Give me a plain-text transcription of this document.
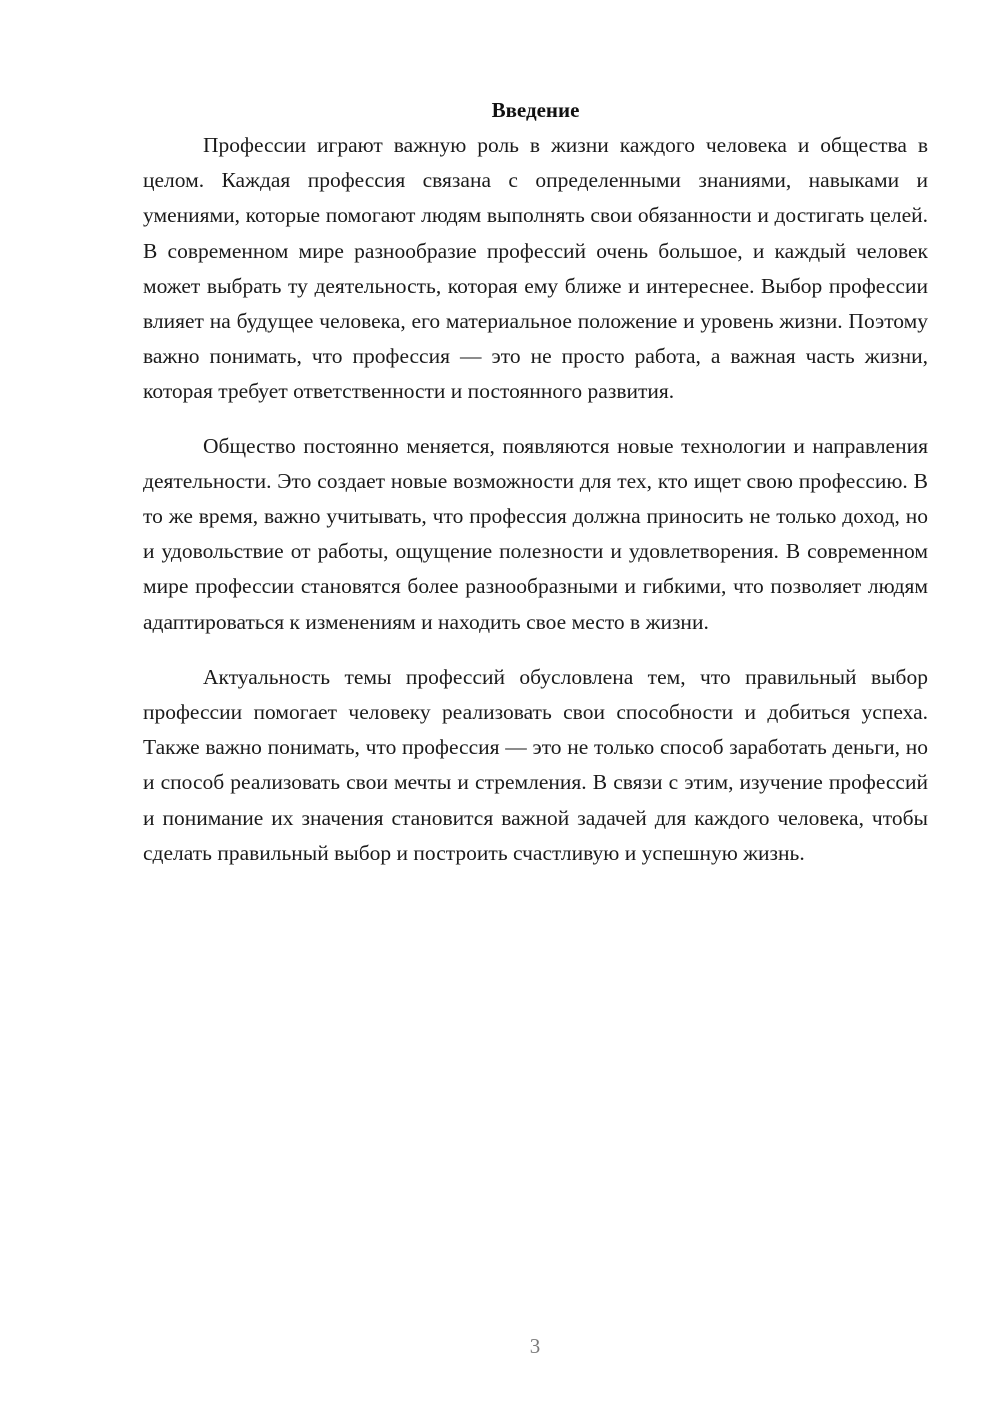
Введение

Профессии играют важную роль в жизни каждого человека и общества в целом. Каждая профессия связана с определенными знаниями, навыками и умениями, которые помогают людям выполнять свои обязанности и достигать целей. В современном мире разнообразие профессий очень большое, и каждый человек может выбрать ту деятельность, которая ему ближе и интереснее. Выбор профессии влияет на будущее человека, его материальное положение и уровень жизни. Поэтому важно понимать, что профессия — это не просто работа, а важная часть жизни, которая требует ответственности и постоянного развития.

Общество постоянно меняется, появляются новые технологии и направления деятельности. Это создает новые возможности для тех, кто ищет свою профессию. В то же время, важно учитывать, что профессия должна приносить не только доход, но и удовольствие от работы, ощущение полезности и удовлетворения. В современном мире профессии становятся более разнообразными и гибкими, что позволяет людям адаптироваться к изменениям и находить свое место в жизни.

Актуальность темы профессий обусловлена тем, что правильный выбор профессии помогает человеку реализовать свои способности и добиться успеха. Также важно понимать, что профессия — это не только способ заработать деньги, но и способ реализовать свои мечты и стремления. В связи с этим, изучение профессий и понимание их значения становится важной задачей для каждого человека, чтобы сделать правильный выбор и построить счастливую и успешную жизнь.

3
